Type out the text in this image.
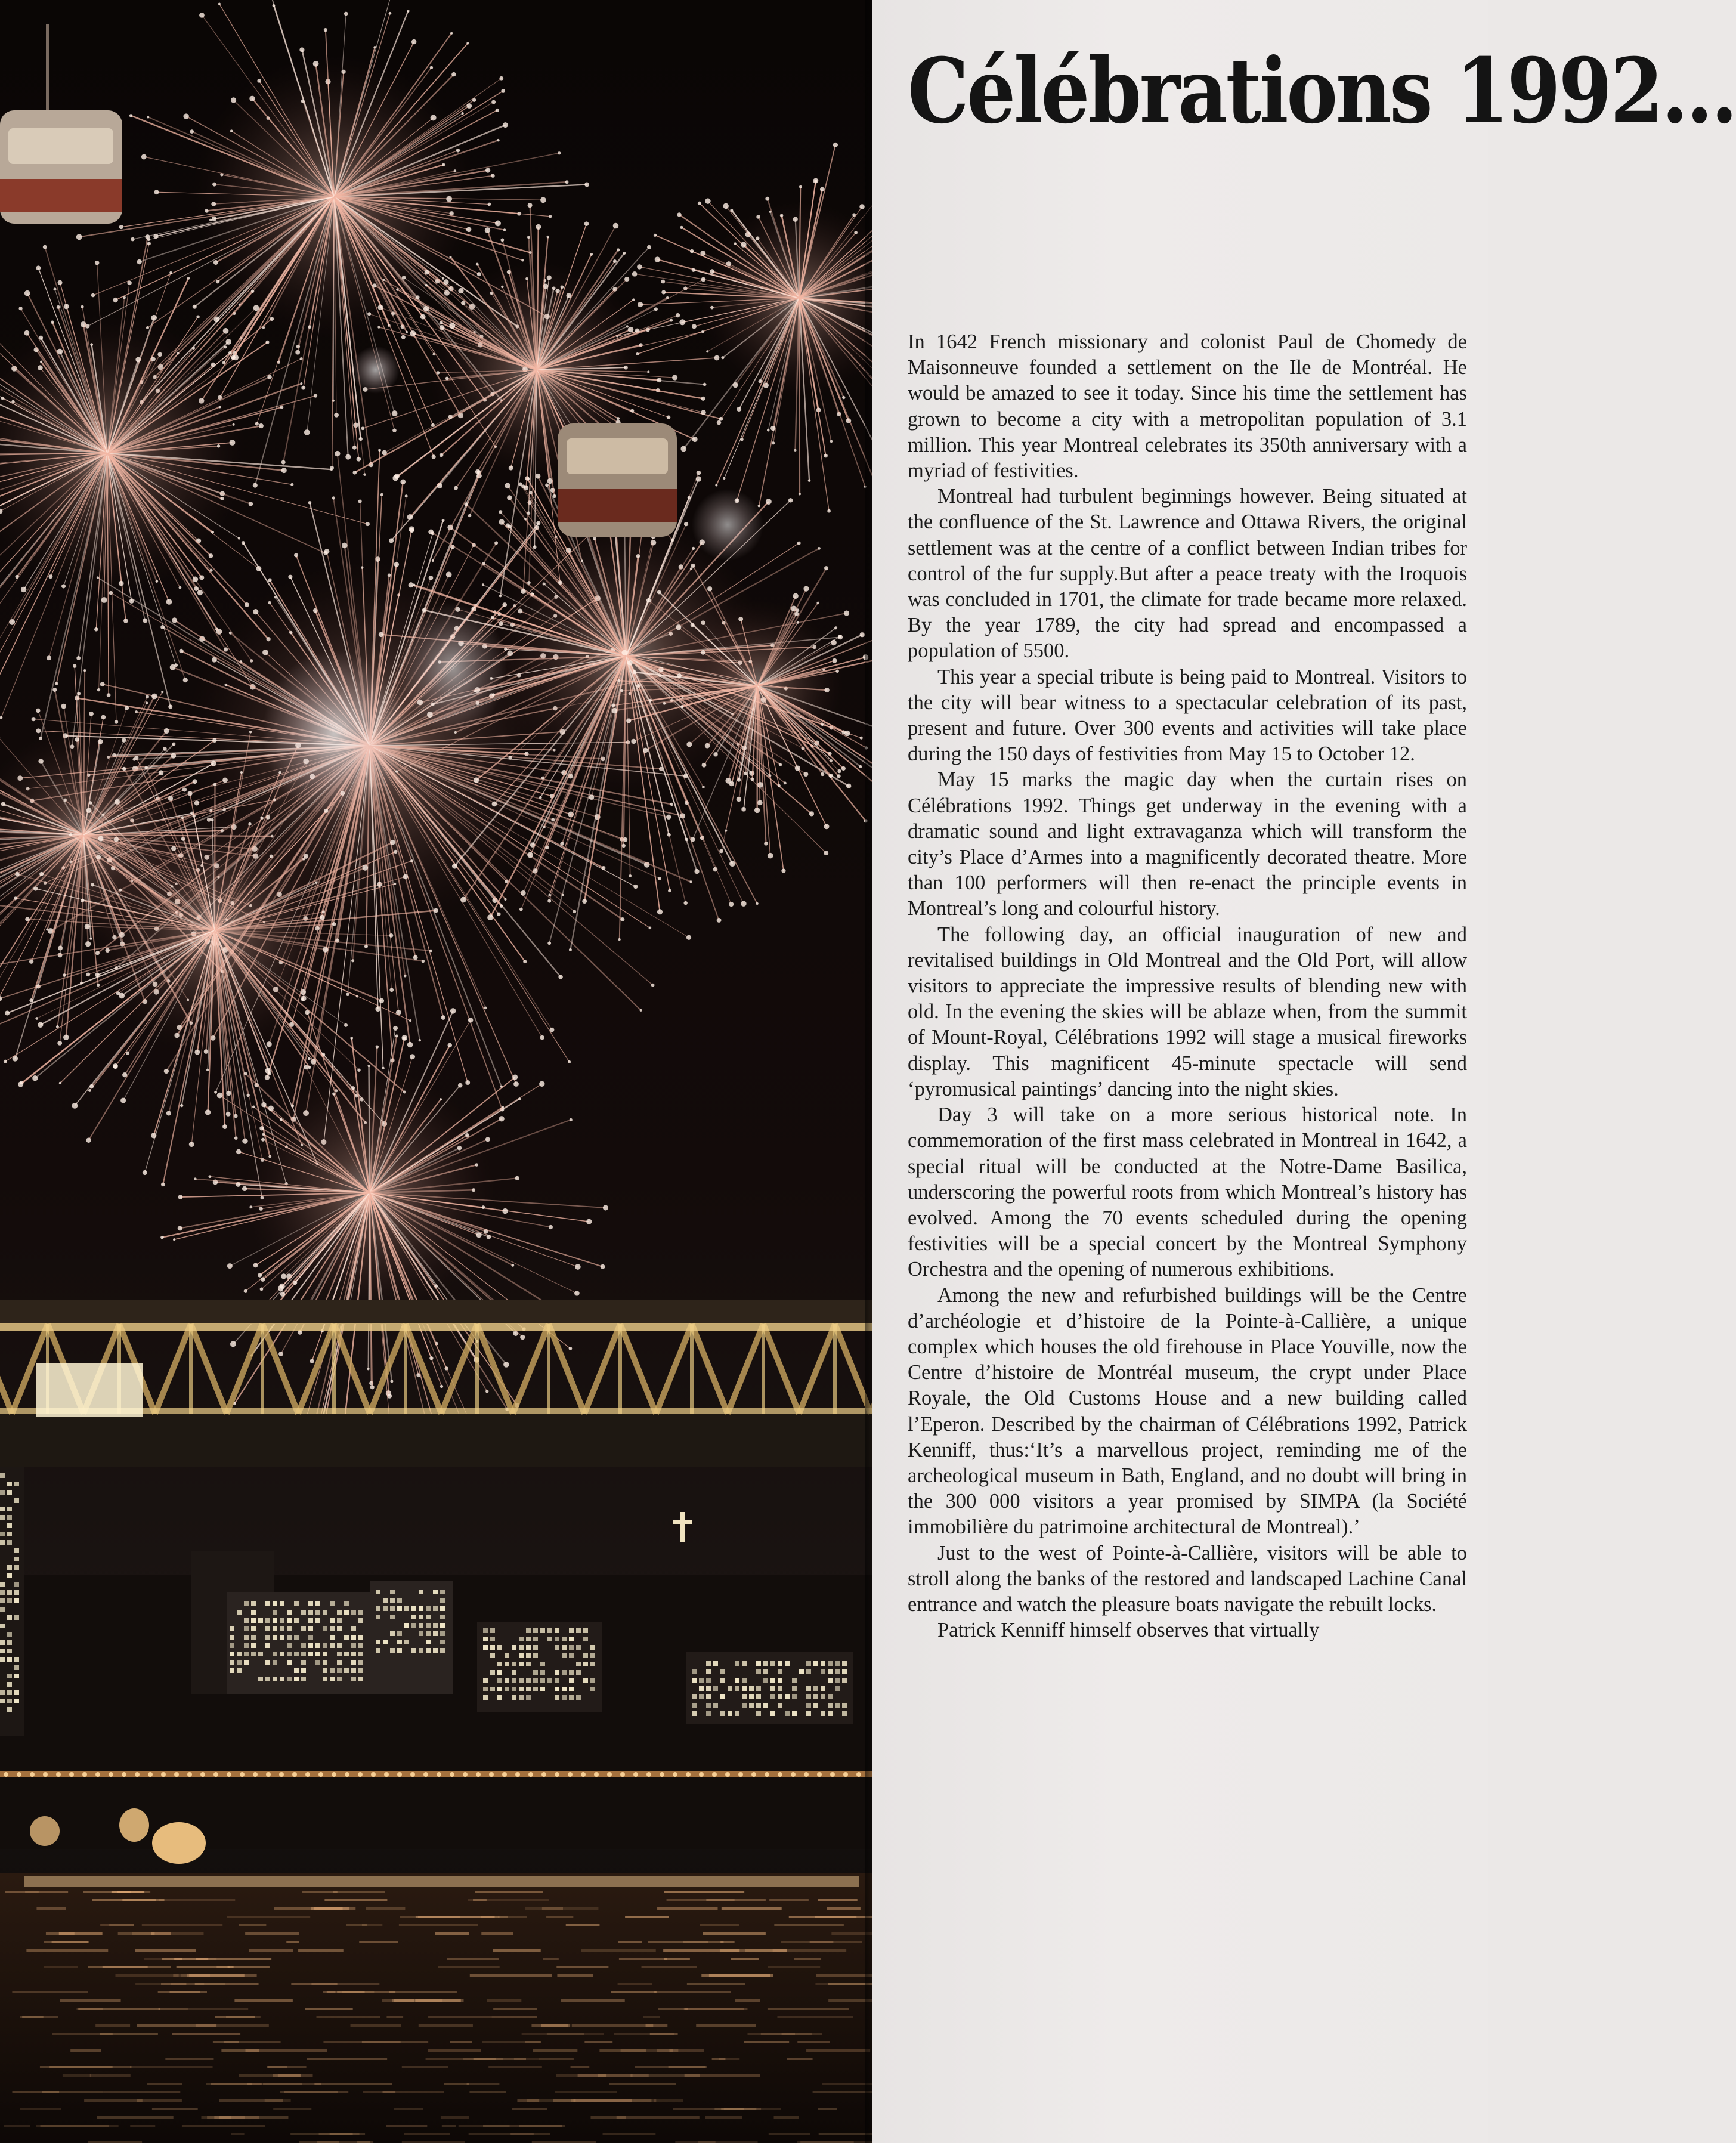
Célébrations 1992...

In 1642 French missionary and colonist Paul de Chomedy de Maisonneuve founded a settlement on the Ile de Montréal. He would be amazed to see it today. Since his time the settlement has grown to become a city with a metropolitan population of 3.1 million. This year Montreal celebrates its 350th anniversary with a myriad of festivities.

Montreal had turbulent beginnings however. Being situated at the confluence of the St. Lawrence and Ottawa Rivers, the original settlement was at the centre of a conflict between Indian tribes for control of the fur supply.But after a peace treaty with the Iroquois was concluded in 1701, the climate for trade became more relaxed. By the year 1789, the city had spread and encompassed a population of 5500.

This year a special tribute is being paid to Montreal. Visitors to the city will bear witness to a spectacular celebration of its past, present and future. Over 300 events and activities will take place during the 150 days of festivities from May 15 to October 12.

May 15 marks the magic day when the curtain rises on Célébrations 1992. Things get underway in the evening with a dramatic sound and light extravaganza which will transform the city’s Place d’Armes into a magnificently decorated theatre. More than 100 performers will then re-enact the principle events in Montreal’s long and colourful history.

The following day, an official inauguration of new and revitalised buildings in Old Montreal and the Old Port, will allow visitors to appreciate the impressive results of blending new with old. In the evening the skies will be ablaze when, from the summit of Mount-Royal, Célébrations 1992 will stage a musical fireworks display. This magnificent 45-minute spectacle will send ‘pyromusical paintings’ dancing into the night skies.

Day 3 will take on a more serious historical note. In commemoration of the first mass celebrated in Montreal in 1642, a special ritual will be conducted at the Notre-Dame Basilica, underscoring the powerful roots from which Montreal’s history has evolved. Among the 70 events scheduled during the opening festivities will be a special concert by the Montreal Symphony Orchestra and the opening of numerous exhibitions.

Among the new and refurbished buildings will be the Centre d’archéologie et d’histoire de la Pointe-à-Callière, a unique complex which houses the old firehouse in Place Youville, now the Centre d’histoire de Montréal museum, the crypt under Place Royale, the Old Customs House and a new building called l’Eperon. Described by the chairman of Célébrations 1992, Patrick Kenniff, thus:‘It’s a marvellous project, reminding me of the archeological museum in Bath, England, and no doubt will bring in the 300 000 visitors a year promised by SIMPA (la Société immobilière du patrimoine architectural de Montreal).’

Just to the west of Pointe-à-Callière, visitors will be able to stroll along the banks of the restored and landscaped Lachine Canal entrance and watch the pleasure boats navigate the rebuilt locks.

Patrick Kenniff himself observes that virtually
